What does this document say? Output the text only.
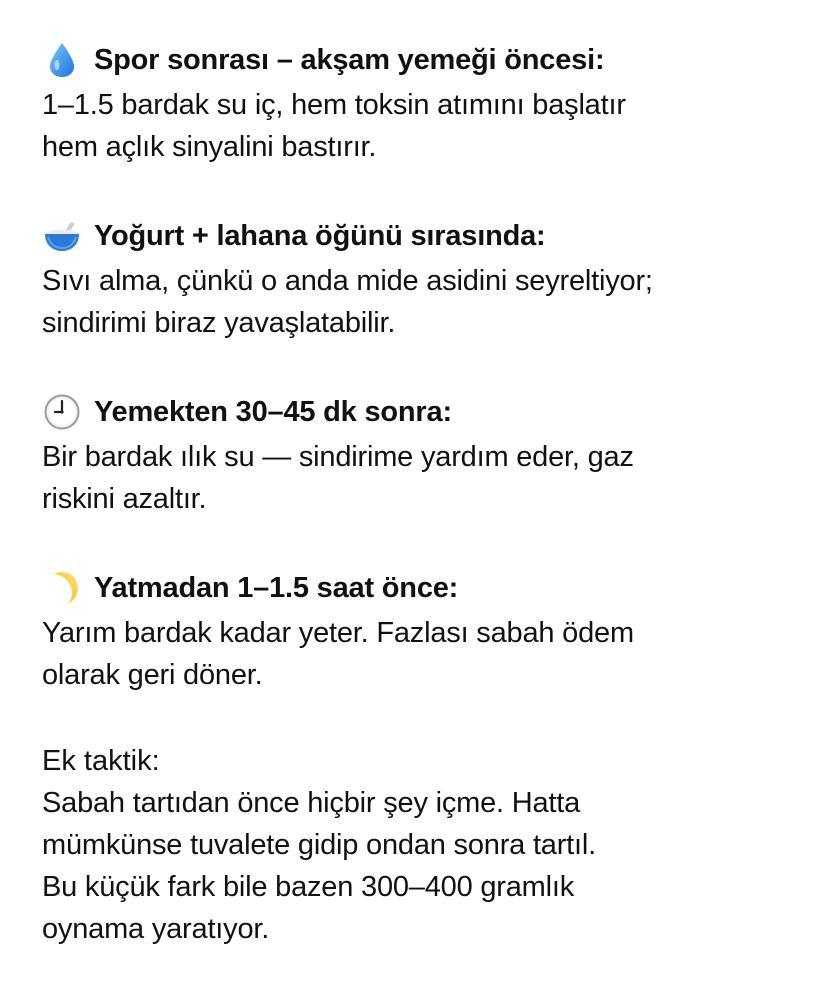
Spor sonrası – akşam yemeği öncesi:
1–1.5 bardak su iç, hem toksin atımını başlatır
hem açlık sinyalini bastırır.
Yoğurt + lahana öğünü sırasında:
Sıvı alma, çünkü o anda mide asidini seyreltiyor;
sindirimi biraz yavaşlatabilir.
Yemekten 30–45 dk sonra:
Bir bardak ılık su — sindirime yardım eder, gaz
riskini azaltır.
Yatmadan 1–1.5 saat önce:
Yarım bardak kadar yeter. Fazlası sabah ödem
olarak geri döner.
Ek taktik:
Sabah tartıdan önce hiçbir şey içme. Hatta
mümkünse tuvalete gidip ondan sonra tartıl.
Bu küçük fark bile bazen 300–400 gramlık
oynama yaratıyor.
